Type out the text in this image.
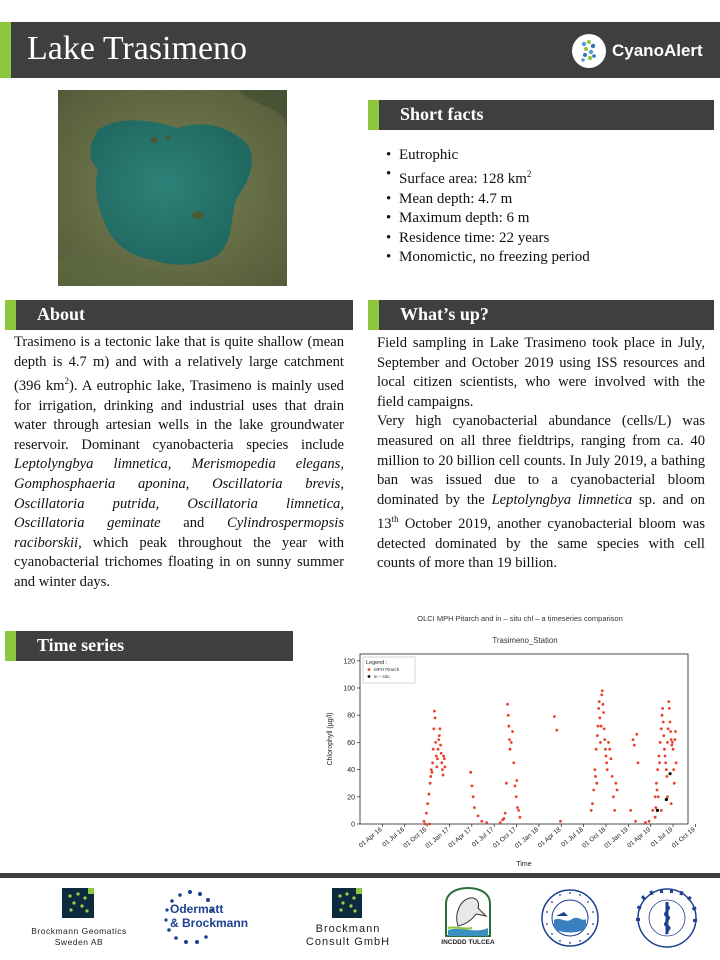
Lake Trasimeno	CyanoAlert
Short facts
• Eutrophic
• Surface area: 128 $km^2$
• Mean depth: 4.7 m
• Maximum depth: 6 m
• Residence time: 22 years
• Monomictic, no freezing period
About
Trasimeno is a tectonic lake that is quite shallow (mean depth is 4.7 m) and with a relatively large catchment (396 $km^2$). A eutrophic lake, Trasimeno is mainly used for irrigation, drinking and industrial uses that drain water through artesian wells in the lake groundwater reservoir. Dominant cyanobacteria species include Leptolyngbya limnetica, Merismopedia elegans, Gomphosphaeria aponina, Oscillatoria brevis, Oscillatoria putrida, Oscillatoria limnetica, Oscillatoria geminate and Cylindrospermopsis raciborskii, which peak throughout the year with cyanobacterial trichomes floating in on sunny summer and winter days.
What’s up?
Field sampling in Lake Trasimeno took place in July, September and October 2019 using ISS resources and local citizen scientists, who were involved with the field campaigns.
Very high cyanobacterial abundance (cells/L) was measured on all three fieldtrips, ranging from ca. 40 million to 20 billion cell counts. In July 2019, a bathing ban was issued due to a cyanobacterial bloom dominated by the Leptolyngbya limnetica sp. and on 13th October 2019, another cyanobacterial bloom was detected dominated by the same species with cell counts of more than 19 billion.
Time series
OLCI MPH Pitarch and in – situ chl – a timeseries comparison
Trasimeno_Station
0
20
40
60
80
100
120
01 Apr 16
01 Jul 16
01 Oct 16
01 Jan 17
01 Apr 17
01 Jul 17
01 Oct 17
01 Jan 18
01 Apr 18
01 Jul 18
01 Oct 18
01 Jan 19
01 Apr 19
01 Jul 19
01 Oct 19
Chlorophyll (µg/l)
Time
Legend :
MPH Pitarch
in – situ
Brockmann Geomatics
Sweden AB
Odermatt
& Brockmann	Brockmann
Consult GmbH	INCDDD TULCEA
